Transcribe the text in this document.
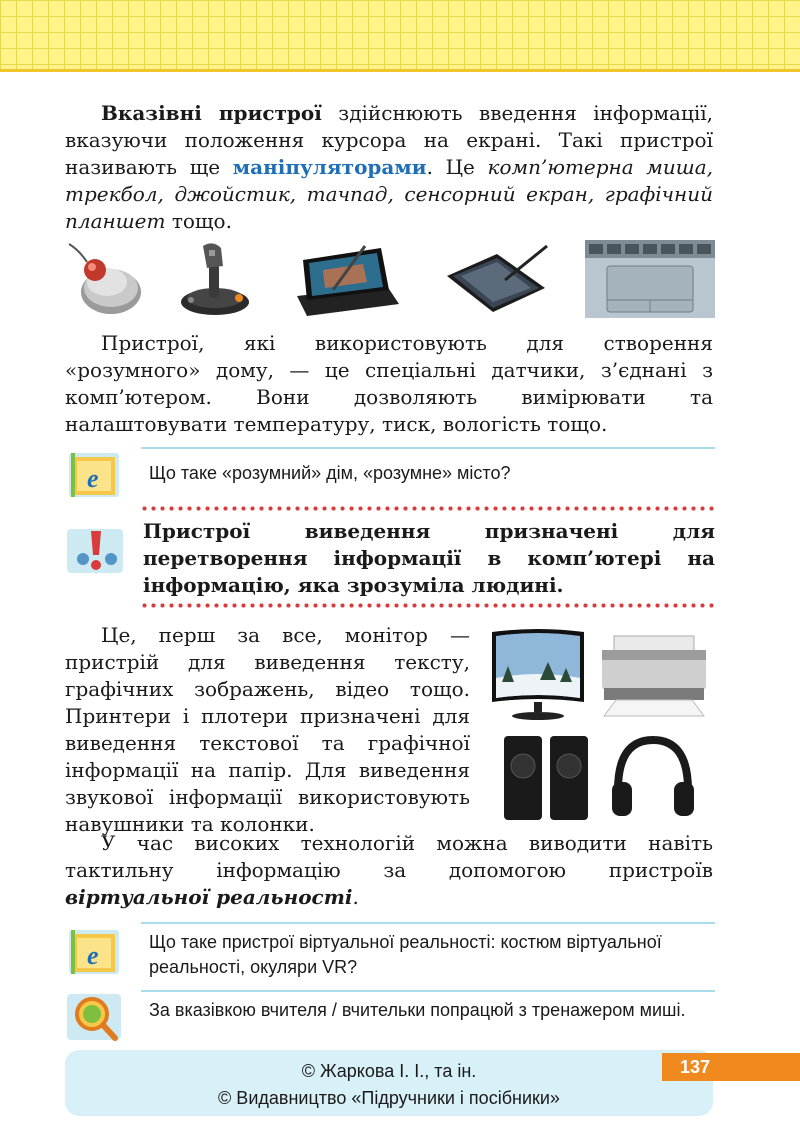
Вказівні пристрої здійснюють введення інформації, вказуючи положення курсора на екрані. Такі пристрої називають ще маніпуляторами. Це комп’ютерна миша, трекбол, джойстик, тачпад, сенсорний екран, графічний планшет тощо.

Пристрої, які використовують для створення «розумного» дому, — це спеціальні датчики, з’єднані з комп’ютером. Вони дозволяють вимірювати та налаштовувати температуру, тиск, вологість тощо.

e	Що таке «розумний» дім, «розумне» місто?
Пристрої виведення призначені для перетворення інформації в комп’ютері на інформацію, яка зрозуміла людині.

Це, перш за все, монітор — пристрій для виведення тексту, графічних зображень, відео тощо. Принтери і плотери призначені для виведення текстової та графічної інформації на папір. Для виведення звукової інформації використовують навушники та колонки.

У час високих технологій можна виводити навіть тактильну інформацію за допомогою пристроїв віртуальної реальності.

e	Що таке пристрої віртуальної реальності: костюм віртуальної реальності, окуляри VR?
За вказівкою вчителя / вчительки попрацюй з тренажером миші.
© Жаркова І. І., та ін.
© Видавництво «Підручники і посібники»
137
